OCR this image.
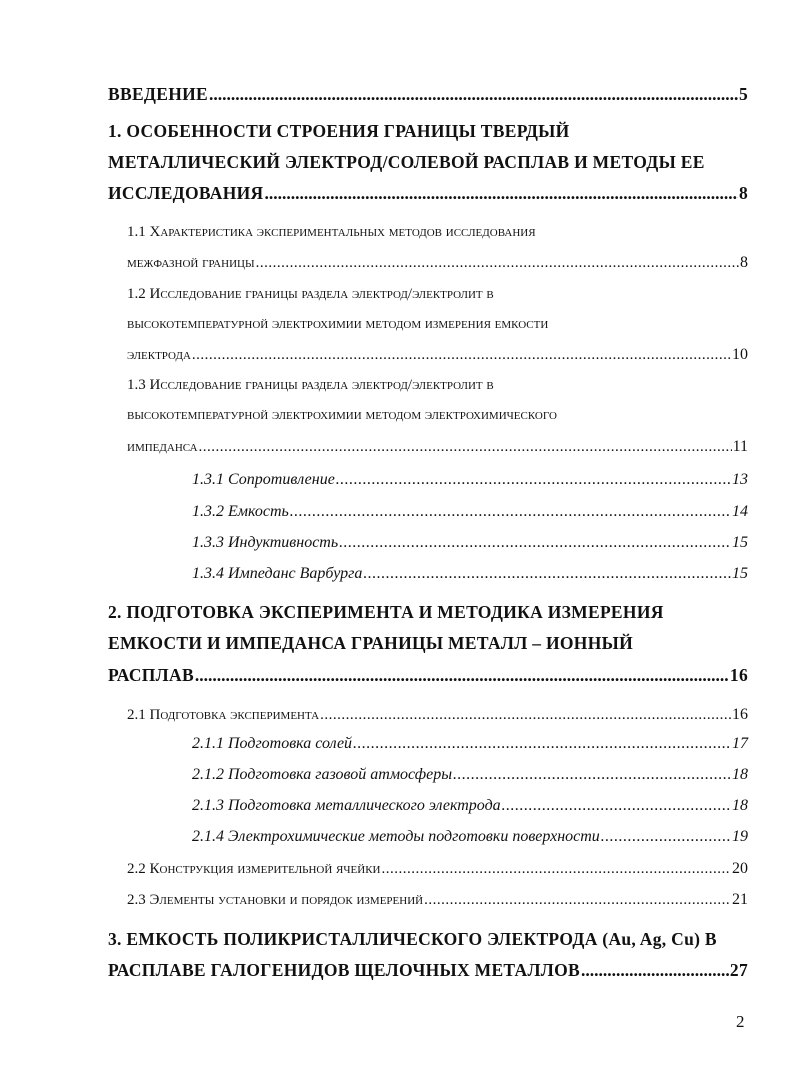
ВВЕДЕНИЕ .....	5
1. ОСОБЕННОСТИ СТРОЕНИЯ ГРАНИЦЫ ТВЕРДЫЙ
МЕТАЛЛИЧЕСКИЙ ЭЛЕКТРОД/СОЛЕВОЙ РАСПЛАВ И МЕТОДЫ ЕЕ
ИССЛЕДОВАНИЯ .....	8
1.1 Характеристика экспериментальных методов исследования
межфазной границы .....	8
1.2 Исследование границы раздела электрод/электролит в
высокотемпературной электрохимии методом измерения емкости
электрода .....	10
1.3 Исследование границы раздела электрод/электролит в
высокотемпературной электрохимии методом электрохимического
импеданса .....	11
1.3.1 Сопротивление .....	13
1.3.2 Емкость .....	14
1.3.3 Индуктивность .....	15
1.3.4 Импеданс Варбурга .....	15
2. ПОДГОТОВКА ЭКСПЕРИМЕНТА И МЕТОДИКА ИЗМЕРЕНИЯ
ЕМКОСТИ И ИМПЕДАНСА ГРАНИЦЫ МЕТАЛЛ – ИОННЫЙ
РАСПЛАВ .....	16
2.1 Подготовка эксперимента .....	16
2.1.1 Подготовка солей .....	17
2.1.2 Подготовка газовой атмосферы .....	18
2.1.3 Подготовка металлического электрода .....	18
2.1.4 Электрохимические методы подготовки поверхности .....	19
2.2 Конструкция измерительной ячейки .....	20
2.3 Элементы установки и порядок измерений .....	21
3. ЕМКОСТЬ ПОЛИКРИСТАЛЛИЧЕСКОГО ЭЛЕКТРОДА (Au, Ag, Cu) В
РАСПЛАВЕ ГАЛОГЕНИДОВ ЩЕЛОЧНЫХ МЕТАЛЛОВ .....	27
2
